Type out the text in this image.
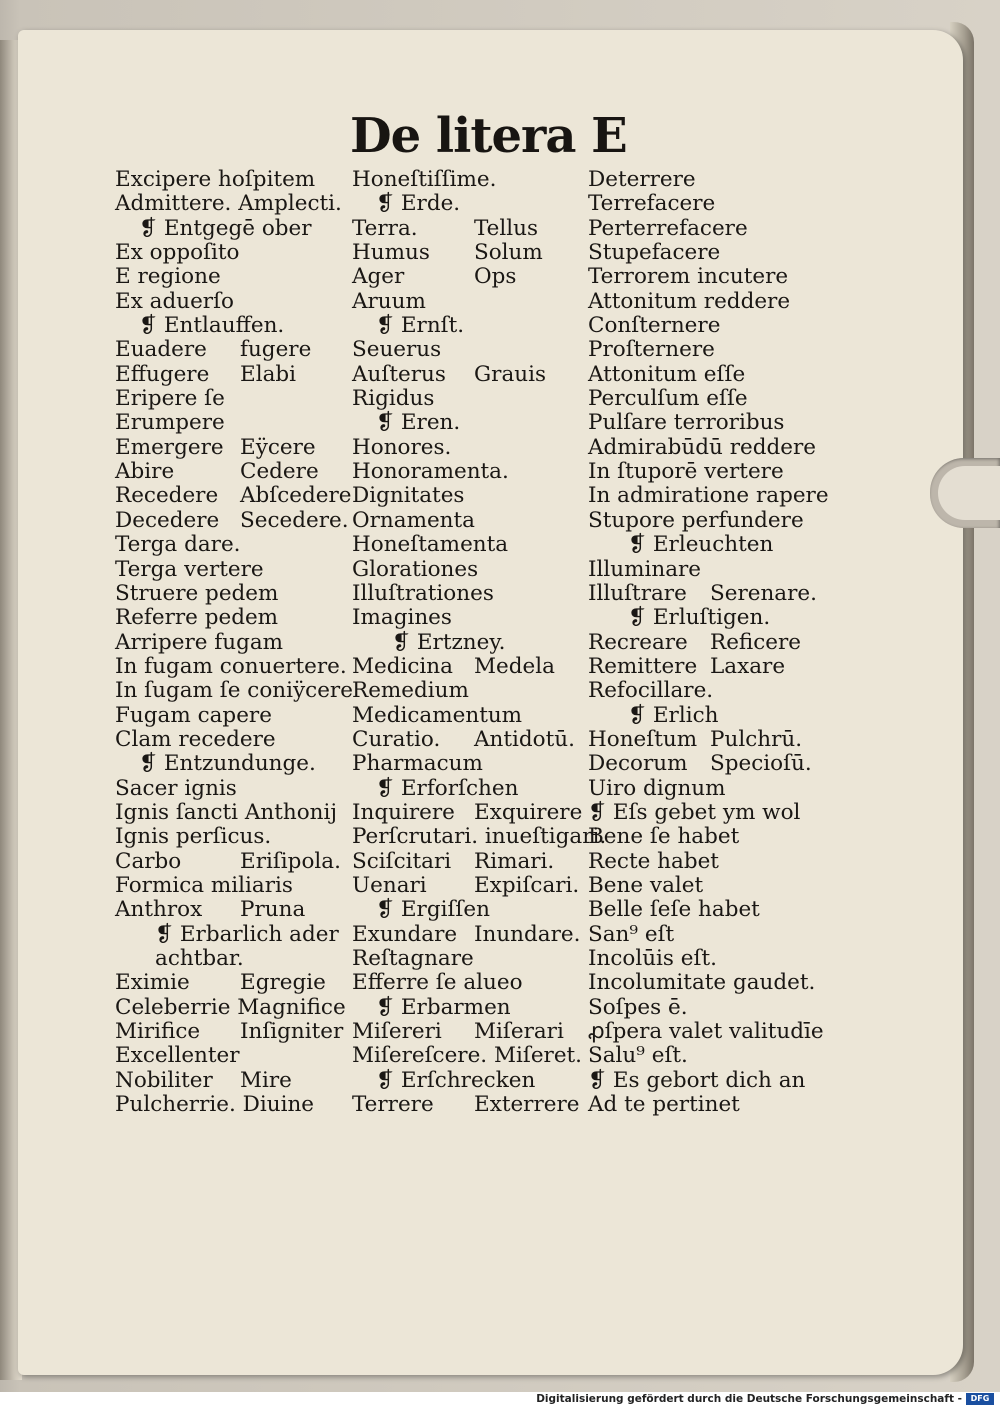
De litera E
Excipere hoſpitem
Admittere. Amplecti.
❡ Entgegē ober
Ex oppoſito
E regione
Ex aduerſo
❡ Entlauffen.
Euadere	fugere
Effugere	Elabi
Eripere ſe
Erumpere
Emergere Eÿcere
Abire	Cedere
Recedere	Abſcedere
Decedere Secedere.
Terga dare.
Terga vertere
Struere pedem
Referre pedem
Arripere fugam
In fugam conuertere.
In ſugam ſe coniÿcere
Fugam capere
Clam recedere
❡ Entzundunge.
Sacer ignis
Ignis ſancti Anthonij
Ignis perſicus.
Carbo	Eriſipola.
Formica miliaris
Anthrox	Pruna
❡ Erbarlich ader
achtbar.
Eximie	Egregie
Celeberrie Magnifice
Mirifice	Inſigniter
Excellenter
Nobiliter	Mire
Pulcherrie. Diuine
Honeſtiſſime.
❡ Erde.
Terra.	Tellus
Humus	Solum
Ager	Ops
Aruum
❡ Ernſt.
Seuerus
Auſterus	Grauis
Rigidus
❡ Eren.
Honores.
Honoramenta.
Dignitates
Ornamenta
Honeſtamenta
Glorationes
Illuſtrationes
Imagines
❡ Ertzney.
Medicina Medela
Remedium
Medicamentum
Curatio.	Antidotū.
Pharmacum
❡ Erforſchen
Inquirere Exquirere
Perſcrutari. inueſtigari.
Sciſcitari	Rimari.
Uenari	Expiſcari.
❡ Ergiſſen
Exundare Inundare.
Reſtagnare
Efferre ſe alueo
❡ Erbarmen
Miſereri	Miſerari
Miſereſcere. Miſeret.
❡ Erſchrecken
Terrere	Exterrere
Deterrere
Terrefacere
Perterrefacere
Stupefacere
Terrorem incutere
Attonitum reddere
Conſternere
Proſternere
Attonitum eſſe
Perculſum eſſe
Pulſare terroribus
Admirabūdū reddere
In ſtuporē vertere
In admiratione rapere
Stupore perfundere
❡ Erleuchten
Illuminare
Illuſtrare	Serenare.
❡ Erluſtigen.
Recreare	Reficere
Remittere Laxare
Refocillare.
❡ Erlich
Honeſtum Pulchrū.
Decorum	Specioſū.
Uiro dignum
❡ Eſs gebet ym wol
Bene ſe habet
Recte habet
Bene valet
Belle ſeſe habet
San⁹ eſt
Incolūis eſt.
Incolumitate gaudet.
Soſpes ē.
ꝓſpera valet valitudīe
Salu⁹ eſt.
❡ Es gebort dich an
Ad te pertinet
Digitalisierung gefördert durch die Deutsche Forschungsgemeinschaft -	DFG
